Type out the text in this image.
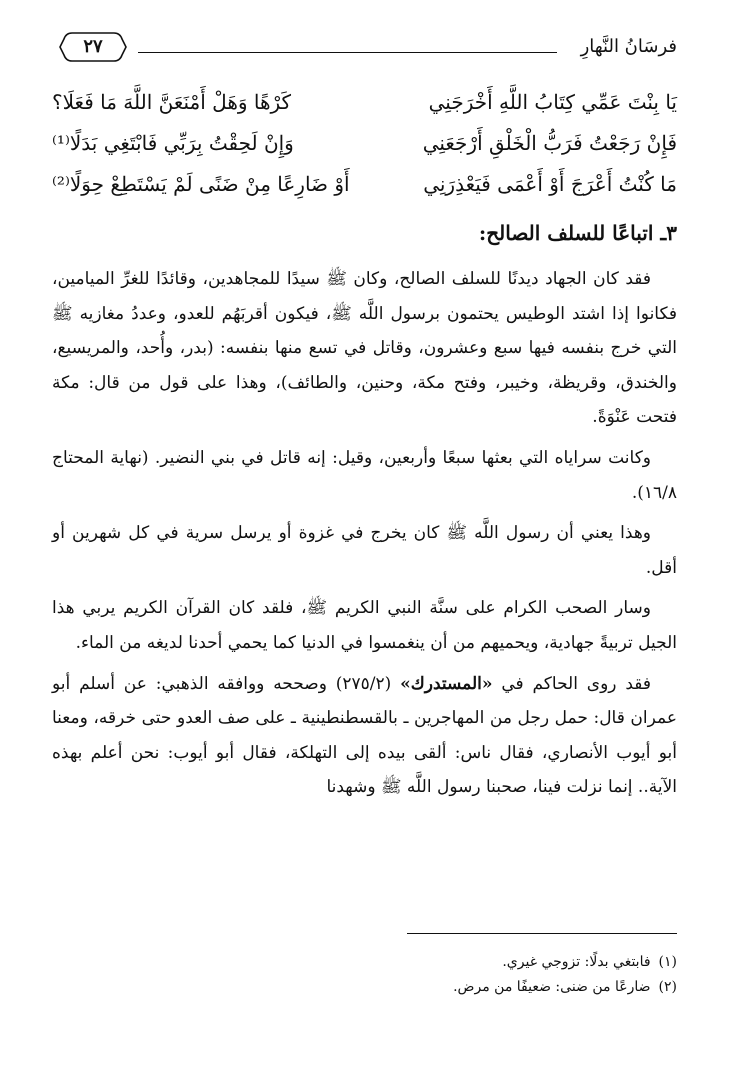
فرسَانُ النَّهارِ
٢٧
يَا بِنْتَ عَمِّي كِتَابُ اللَّهِ أَخْرَجَنِي
كَرْهًا وَهَلْ أَمْنَعَنَّ اللَّهَ مَا فَعَلَا؟
فَإِنْ رَجَعْتُ فَرَبُّ الْخَلْقِ أَرْجَعَنِي
وَإِنْ لَحِقْتُ بِرَبِّي فَابْتَغِي بَدَلًا⁽¹⁾
مَا كُنْتُ أَعْرَجَ أَوْ أَعْمَى فَيَعْذِرَنِي
أَوْ ضَارِعًا مِنْ ضَنًى لَمْ يَسْتَطِعْ حِوَلًا⁽²⁾
٣ـ اتباعًا للسلف الصالح:

فقد كان الجهاد ديدنًا للسلف الصالح، وكان ﷺ سيدًا للمجاهدين، وقائدًا للغرِّ الميامين، فكانوا إذا اشتد الوطيس يحتمون برسول اللَّه ﷺ، فيكون أقربَهُم للعدو، وعددُ مغازيه ﷺ التي خرج بنفسه فيها سبع وعشرون، وقاتل في تسع منها بنفسه: (بدر، وأُحد، والمريسيع، والخندق، وقريظة، وخيبر، وفتح مكة، وحنين، والطائف)، وهذا على قول من قال: مكة فتحت عَنْوَةً.

وكانت سراياه التي بعثها سبعًا وأربعين، وقيل: إنه قاتل في بني النضير. (نهاية المحتاج ١٦/٨).

وهذا يعني أن رسول اللَّه ﷺ كان يخرج في غزوة أو يرسل سرية في كل شهرين أو أقل.

وسار الصحب الكرام على سنَّة النبي الكريم ﷺ، فلقد كان القرآن الكريم يربي هذا الجيل تربيةً جهادية، ويحميهم من أن ينغمسوا في الدنيا كما يحمي أحدنا لديغه من الماء.

فقد روى الحاكم في «المستدرك» (٢٧٥/٢) وصححه ووافقه الذهبي: عن أسلم أبو عمران قال: حمل رجل من المهاجرين ـ بالقسطنطينية ـ على صف العدو حتى خرقه، ومعنا أبو أيوب الأنصاري، فقال ناس: ألقى بيده إلى التهلكة، فقال أبو أيوب: نحن أعلم بهذه الآية.. إنما نزلت فينا، صحبنا رسول اللَّه ﷺ وشهدنا

(١)فابتغي بدلًا: تزوجي غيري.
(٢)ضارعًا من ضنى: ضعيفًا من مرض.
